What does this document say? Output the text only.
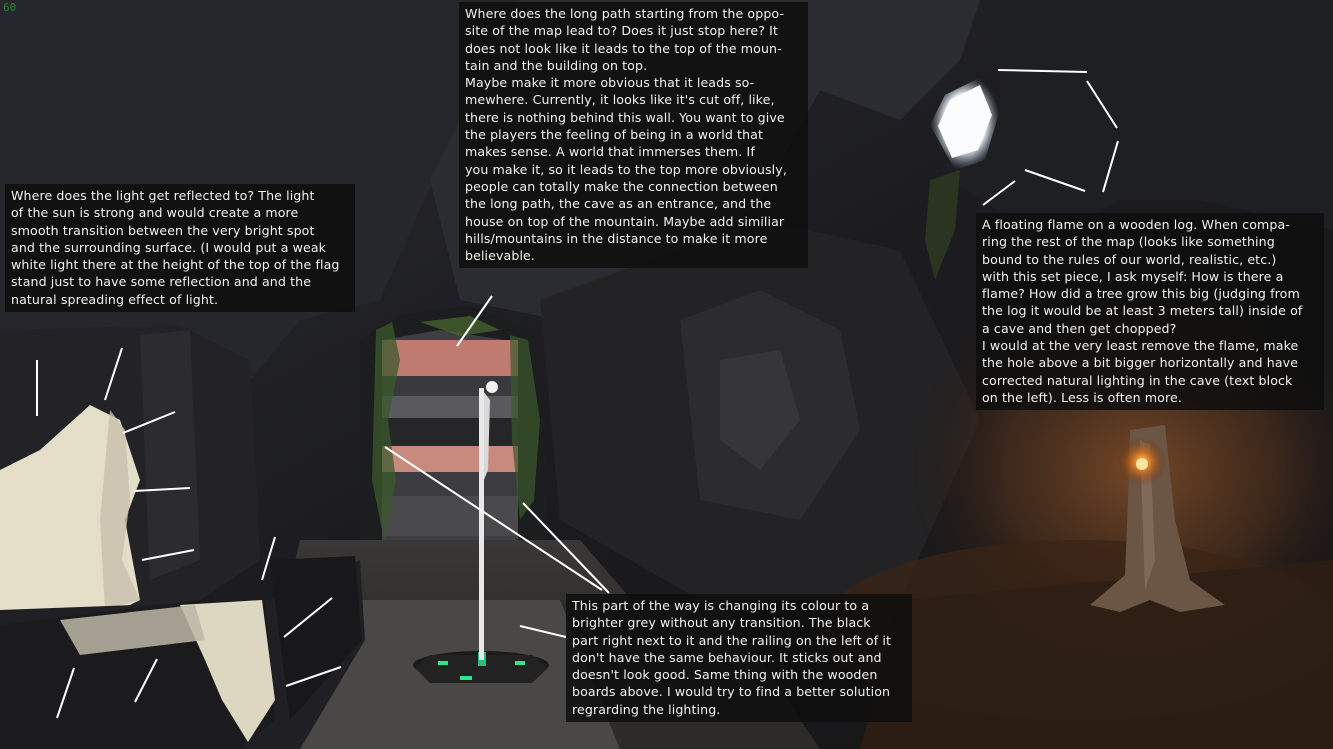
60	Where does the long path starting from the oppo-
site of the map lead to? Does it just stop here? It
does not look like it leads to the top of the moun-
tain and the building on top.
Maybe make it more obvious that it leads so-
mewhere. Currently, it looks like it's cut off, like,
there is nothing behind this wall. You want to give
the players the feeling of being in a world that
makes sense. A world that immerses them. If
you make it, so it leads to the top more obviously,
people can totally make the connection between
the long path, the cave as an entrance, and the
house on top of the mountain. Maybe add similiar
hills/mountains in the distance to make it more
believable.
Where does the light get reflected to? The light
of the sun is strong and would create a more
smooth transition between the very bright spot
and the surrounding surface. (I would put a weak
white light there at the height of the top of the flag
stand just to have some reflection and and the
natural spreading effect of light.
A floating flame on a wooden log. When compa-
ring the rest of the map (looks like something
bound to the rules of our world, realistic, etc.)
with this set piece, I ask myself: How is there a
flame? How did a tree grow this big (judging from
the log it would be at least 3 meters tall) inside of
a cave and then get chopped?
I would at the very least remove the flame, make
the hole above a bit bigger horizontally and have
corrected natural lighting in the cave (text block
on the left). Less is often more.
This part of the way is changing its colour to a
brighter grey without any transition. The black
part right next to it and the railing on the left of it
don't have the same behaviour. It sticks out and
doesn't look good. Same thing with the wooden
boards above. I would try to find a better solution
regrarding the lighting.
